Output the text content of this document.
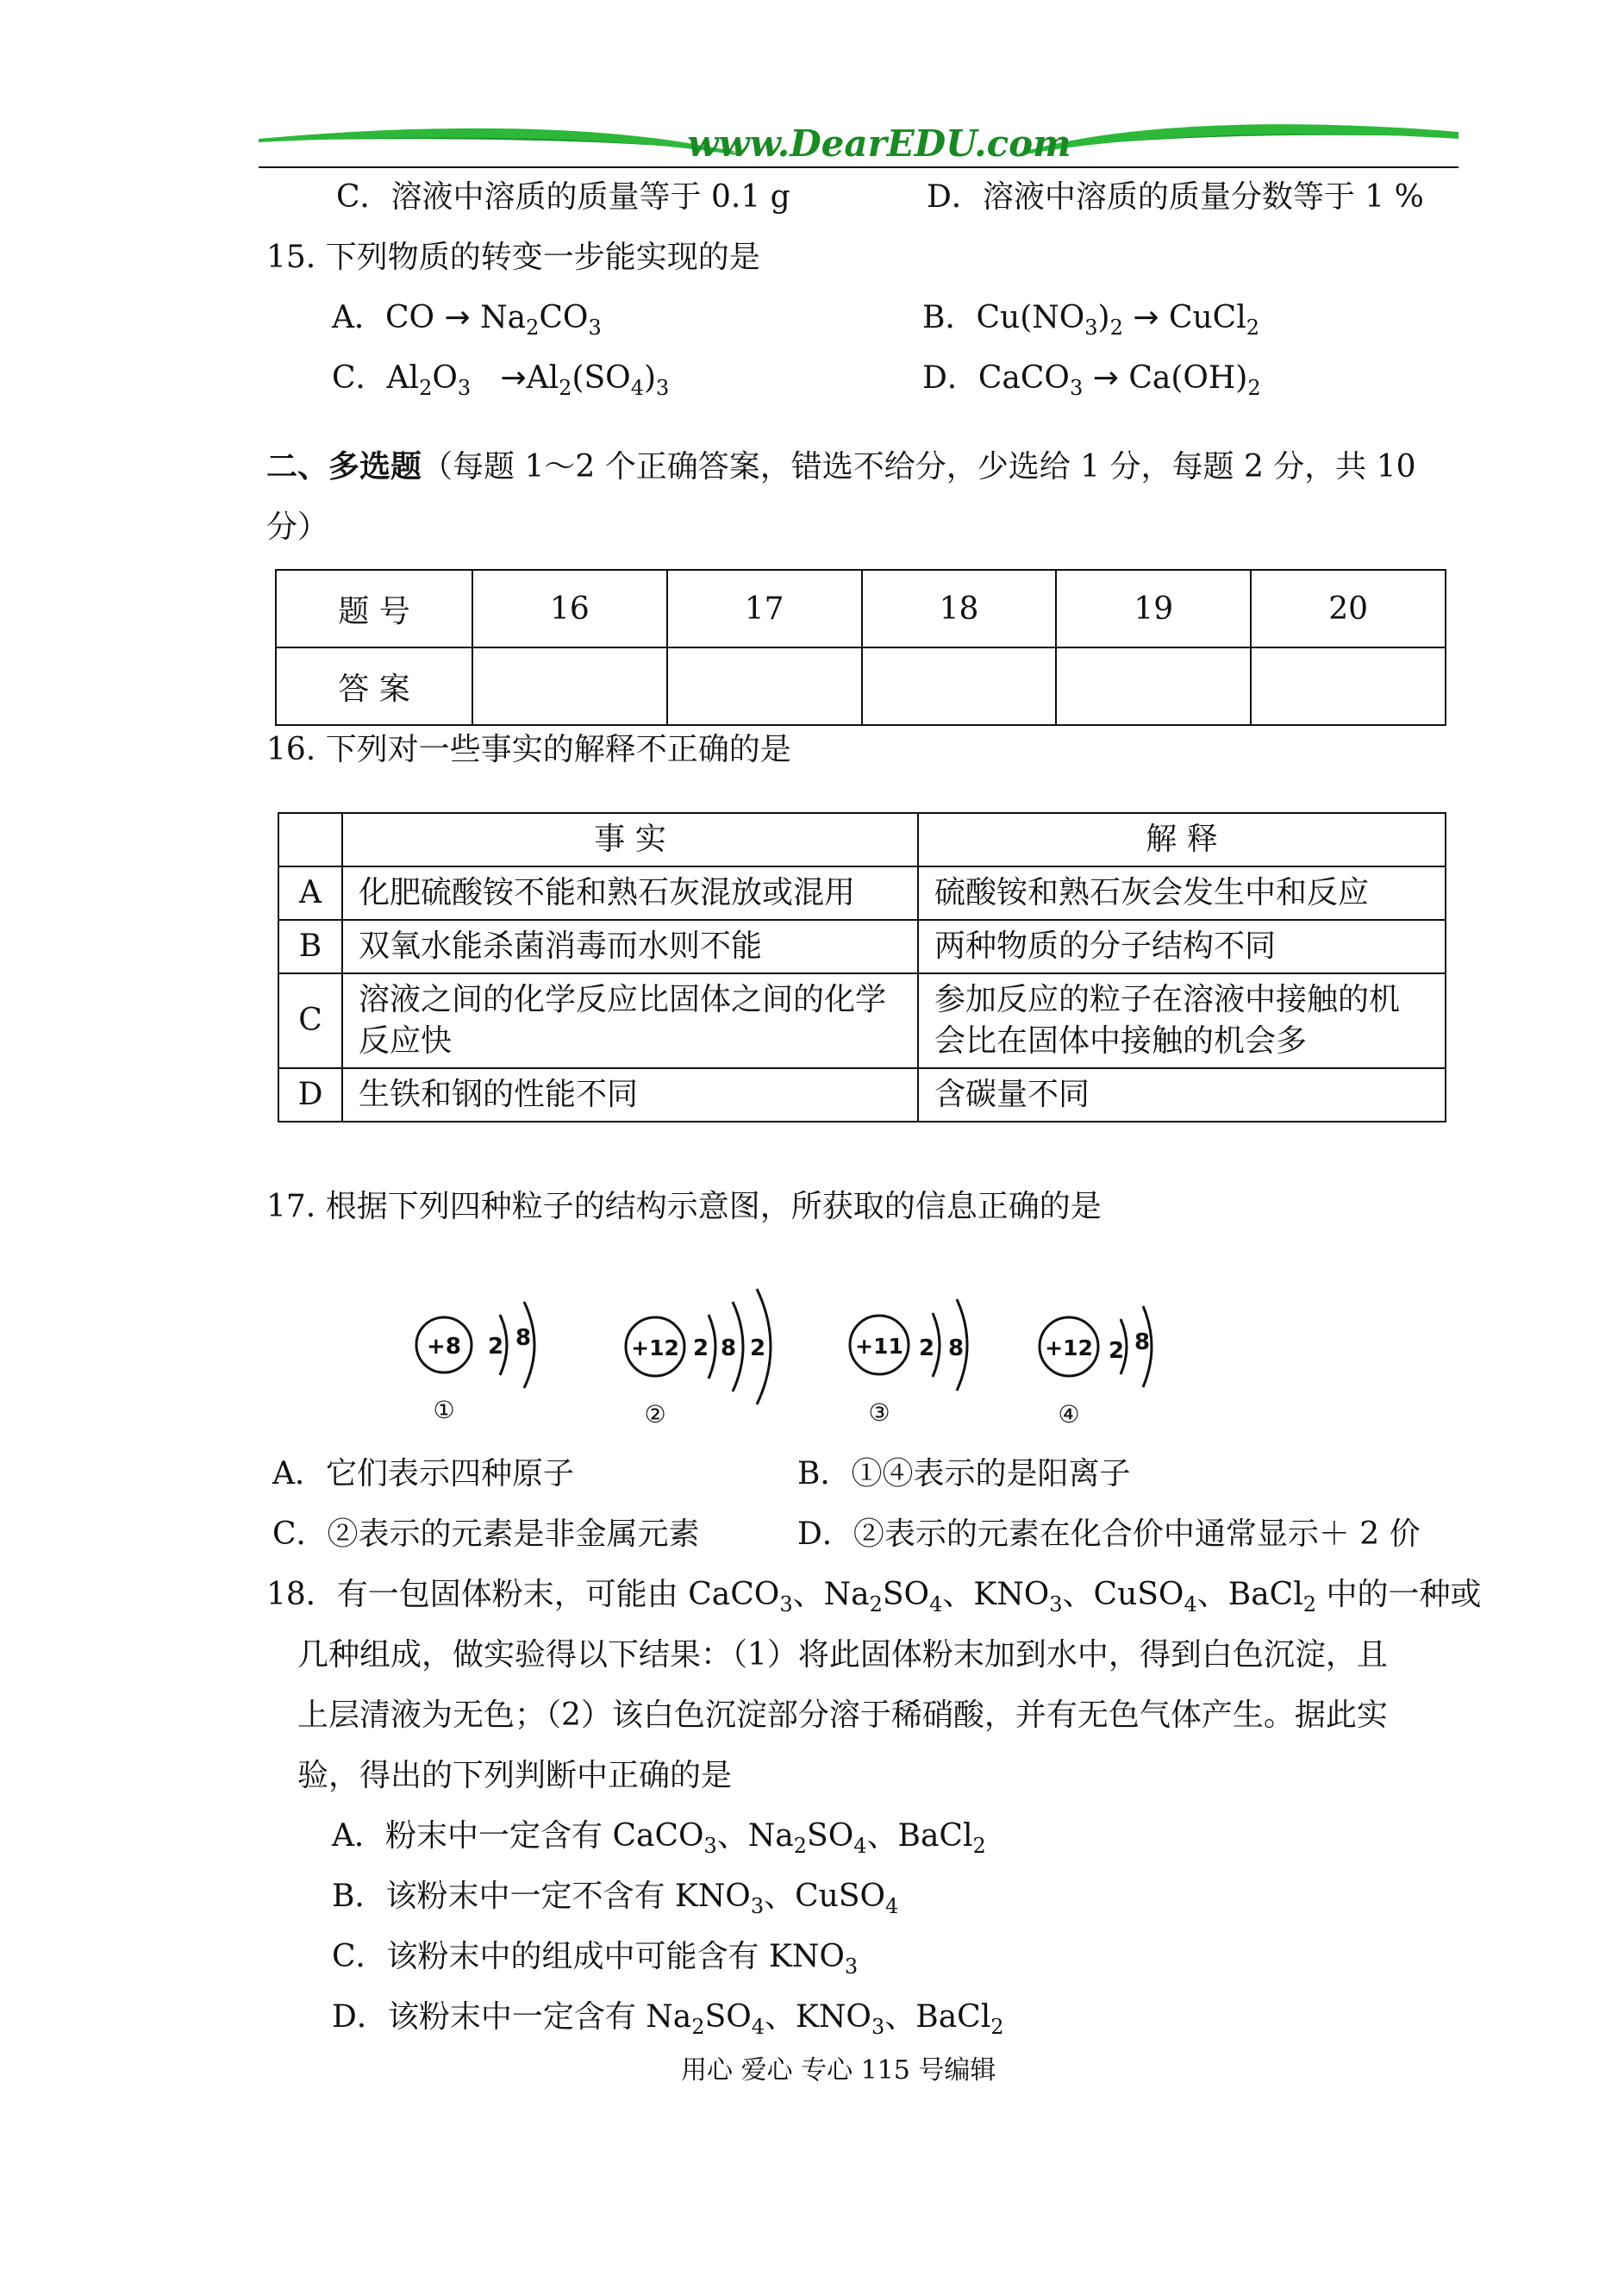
www.DearEDU.com
C．溶液中溶质的质量等于 0.1 g	D．溶液中溶质的质量分数等于 1 %
15. 下列物质的转变一步能实现的是
A．CO → $Na_2CO_3$	B．$Cu(NO_3)_2$ → CuCl$_2$
C．$Al_2O_3 \to Al_2(SO_4)_3$	D．CaCO$_3$ → $Ca(OH)_2$
二、多选题（每题 1～2 个正确答案，错选不给分，少选给 1 分，每题 2 分，共 10
分）
题 号	16	17	18	19	20
答 案					
16. 下列对一些事实的解释不正确的是
	事 实	解 释
A	化肥硫酸铵不能和熟石灰混放或混用	硫酸铵和熟石灰会发生中和反应
B	双氧水能杀菌消毒而水则不能	两种物质的分子结构不同
C	溶液之间的化学反应比固体之间的化学反应快	参加反应的粒子在溶液中接触的机会比在固体中接触的机会多
D	生铁和钢的性能不同	含碳量不同
17. 根据下列四种粒子的结构示意图，所获取的信息正确的是
+8 2 8
①
+12 2 8 2
②
+11 2 8
③
+12 2 8
④
A．它们表示四种原子	B．①④表示的是阳离子
C．②表示的元素是非金属元素	D．②表示的元素在化合价中通常显示＋ 2 价
18．有一包固体粉末，可能由 CaCO$_3$、$Na_2SO_4$、$KNO_3$、CuSO$_4$、BaCl$_2$ 中的一种或
几种组成，做实验得以下结果：（1）将此固体粉末加到水中，得到白色沉淀，且
上层清液为无色；（2）该白色沉淀部分溶于稀硝酸，并有无色气体产生。据此实
验，得出的下列判断中正确的是
A．粉末中一定含有 CaCO$_3$、$Na_2SO_4$、BaCl$_2$
B．该粉末中一定不含有 $KNO_3$、CuSO$_4$
C．该粉末中的组成中可能含有 $KNO_3$
D．该粉末中一定含有 $Na_2SO_4$、$KNO_3$、BaCl$_2$
用心 爱心 专心 115 号编辑
